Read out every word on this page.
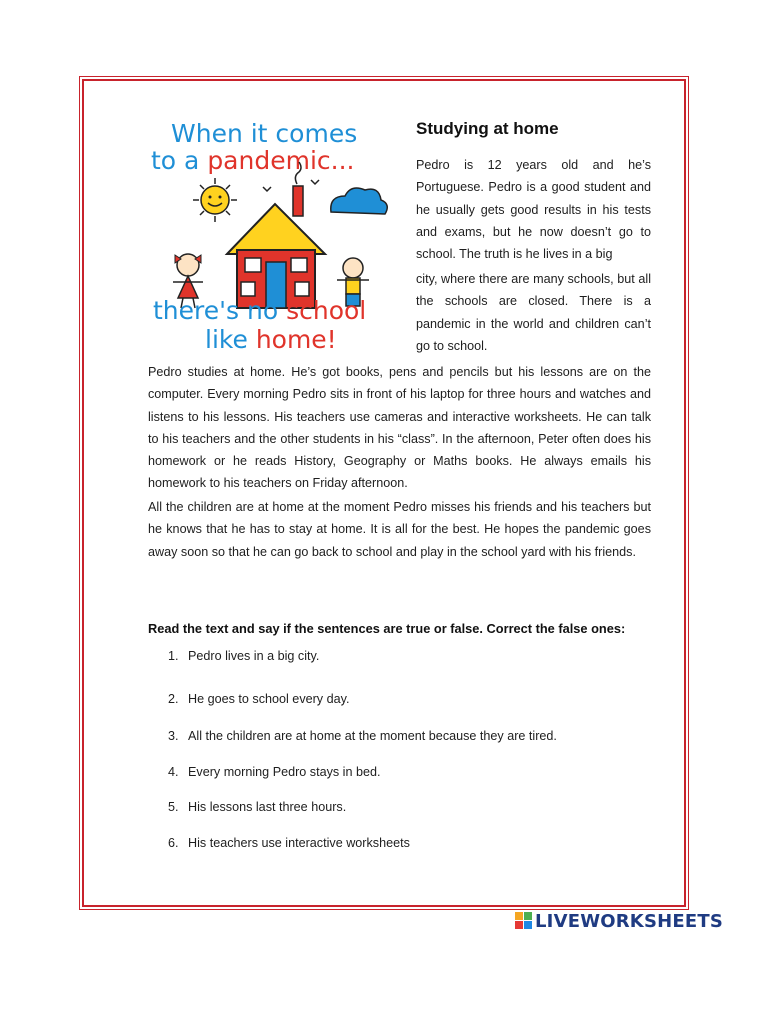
When it comes
to a pandemic...
there's no school
like home!
Studying at home
Pedro is 12 years old and he’s Portuguese. Pedro is a good student and he usually gets good results in his tests and exams, but he now doesn’t go to school. The truth is he lives in a big
city, where there are many schools, but all the schools are closed. There is a pandemic in the world and children can’t go to school.
Pedro studies at home. He’s got books, pens and pencils but his lessons are on the computer. Every morning Pedro sits in front of his laptop for three hours and watches and listens to his lessons. His teachers use cameras and interactive worksheets. He can talk to his teachers and the other students in his “class”. In the afternoon, Peter often does his homework or he reads History, Geography or Maths books. He always emails his homework to his teachers on Friday afternoon.
All the children are at home at the moment Pedro misses his friends and his teachers but he knows that he has to stay at home. It is all for the best. He hopes the pandemic goes away soon so that he can go back to school and play in the school yard with his friends.
Read the text and say if the sentences are true or false. Correct the false ones:
1. Pedro lives in a big city.
2. He goes to school every day.
3. All the children are at home at the moment because they are tired.
4. Every morning Pedro stays in bed.
5. His lessons last three hours.
6. His teachers use interactive worksheets
LIVEWORKSHEETS
